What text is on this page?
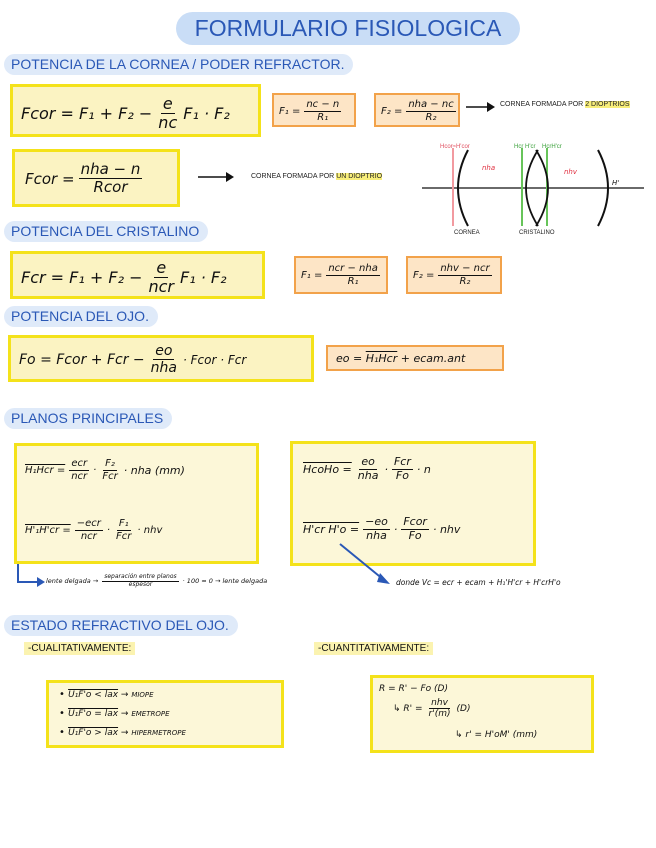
FORMULARIO FISIOLOGICA
POTENCIA DE LA CORNEA / PODER REFRACTOR.
Fcor =
F₁
+
F₂
− $\frac{e}{nc} F_1 \cdot F_2$	$F_1 = \frac{nc - n}{\text{R₁}}$	$F_2 = \frac{\text{nha − nc}}{\text{R₂}}$	CORNEA FORMADA POR 2 DIOPTRIOS
Fcor = $\frac{\text{nha − n}}{\text{Rcor}}$	CORNEA FORMADA POR UN DIOPTRIO
Hcor≈H'cor	Hcr H'cr HcrH'cr
nha	nhv
H'
CORNEA	CRISTALINO
POTENCIA DEL CRISTALINO
Fcr =
$F_1 + F_2 - \frac{e}{\text{ncr}} F_1 \cdot F_2$	$F_1 = \frac{\text{ncr − nha}}{\text{R₁}}$	$F_2 = \frac{\text{nhv − ncr}}{\text{R₂}}$
POTENCIA DEL OJO.
Fo = Fcor + Fcr − $\frac{eo}{\text{nha}}$ · Fcor · Fcr	eo =
H₁Hcr
+ ecam.ant
PLANOS PRINCIPALES
$H_1Hcr = \frac{\text{ecr}}{\text{ncr}} \cdot \frac{\text{F₂}}{\text{Fcr}}$ · nha (mm)
$H'_1H'cr = \frac{\text{−ecr}}{\text{ncr}} \cdot \frac{\text{F₁}}{\text{Fcr}}$ · nhv
HcoHo = $\frac{eo}{\text{nha}} \cdot \frac{\text{Fcr}}{Fo} \cdot n$
H'cr $H'o = \frac{-eo}{\text{nha}} \cdot \frac{\text{Fcor}}{Fo}$ · nhv
lente delgada → $\frac{\text{separación entre planos}}{\text{espesor}} \cdot 100 \approx 0$ → lente delgada	donde Vc = ecr + ecam + H₁'H'cr + H'crH'o
ESTADO REFRACTIVO DEL OJO.
-CUALITATIVAMENTE:	-CUANTITATIVAMENTE:
• U₁F'o < lax → MIOPE
• U₁F'o = lax → EMETROPE
• U₁F'o > lax → HIPERMETROPE
R = R' − Fo (D)
↳ $R' = \frac{\text{nhv}}{r'(m)} (D)$
↳ r' = H'oM' (mm)
